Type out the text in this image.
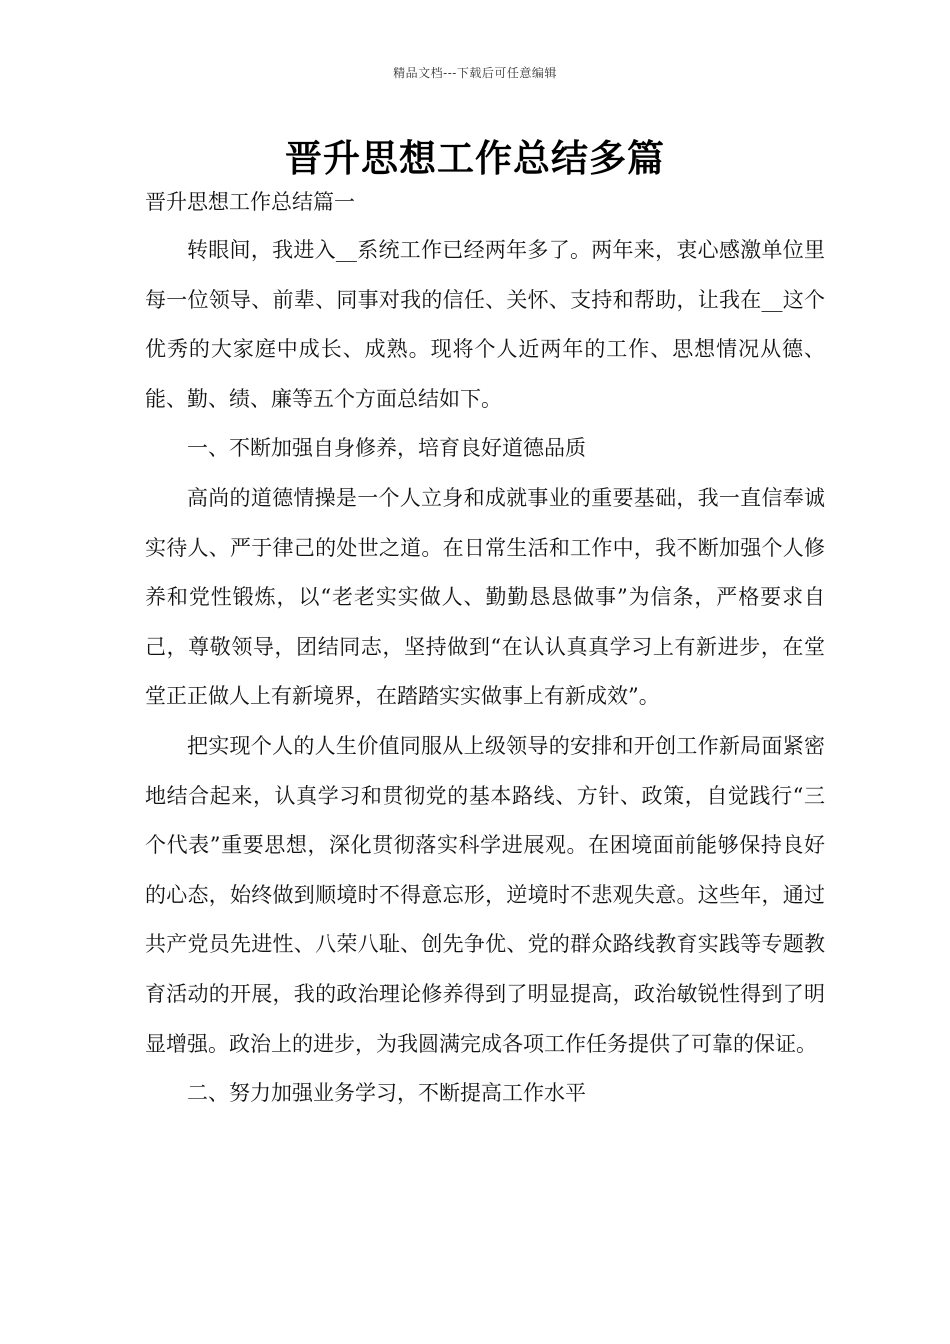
精品文档---下载后可任意编辑
晋升思想工作总结多篇
晋升思想工作总结篇一

转眼间，我进入__系统工作已经两年多了。两年来，衷心感激单位里每一位领导、前辈、同事对我的信任、关怀、支持和帮助，让我在__这个优秀的大家庭中成长、成熟。现将个人近两年的工作、思想情况从德、能、勤、绩、廉等五个方面总结如下。

一、不断加强自身修养，培育良好道德品质

高尚的道德情操是一个人立身和成就事业的重要基础，我一直信奉诚实待人、严于律己的处世之道。在日常生活和工作中，我不断加强个人修养和党性锻炼，以“老老实实做人、勤勤恳恳做事”为信条，严格要求自己，尊敬领导，团结同志，坚持做到“在认认真真学习上有新进步，在堂堂正正做人上有新境界，在踏踏实实做事上有新成效”。

把实现个人的人生价值同服从上级领导的安排和开创工作新局面紧密地结合起来，认真学习和贯彻党的基本路线、方针、政策，自觉践行“三个代表”重要思想，深化贯彻落实科学进展观。在困境面前能够保持良好的心态，始终做到顺境时不得意忘形，逆境时不悲观失意。这些年，通过共产党员先进性、八荣八耻、创先争优、党的群众路线教育实践等专题教育活动的开展，我的政治理论修养得到了明显提高，政治敏锐性得到了明显增强。政治上的进步，为我圆满完成各项工作任务提供了可靠的保证。

二、努力加强业务学习，不断提高工作水平
